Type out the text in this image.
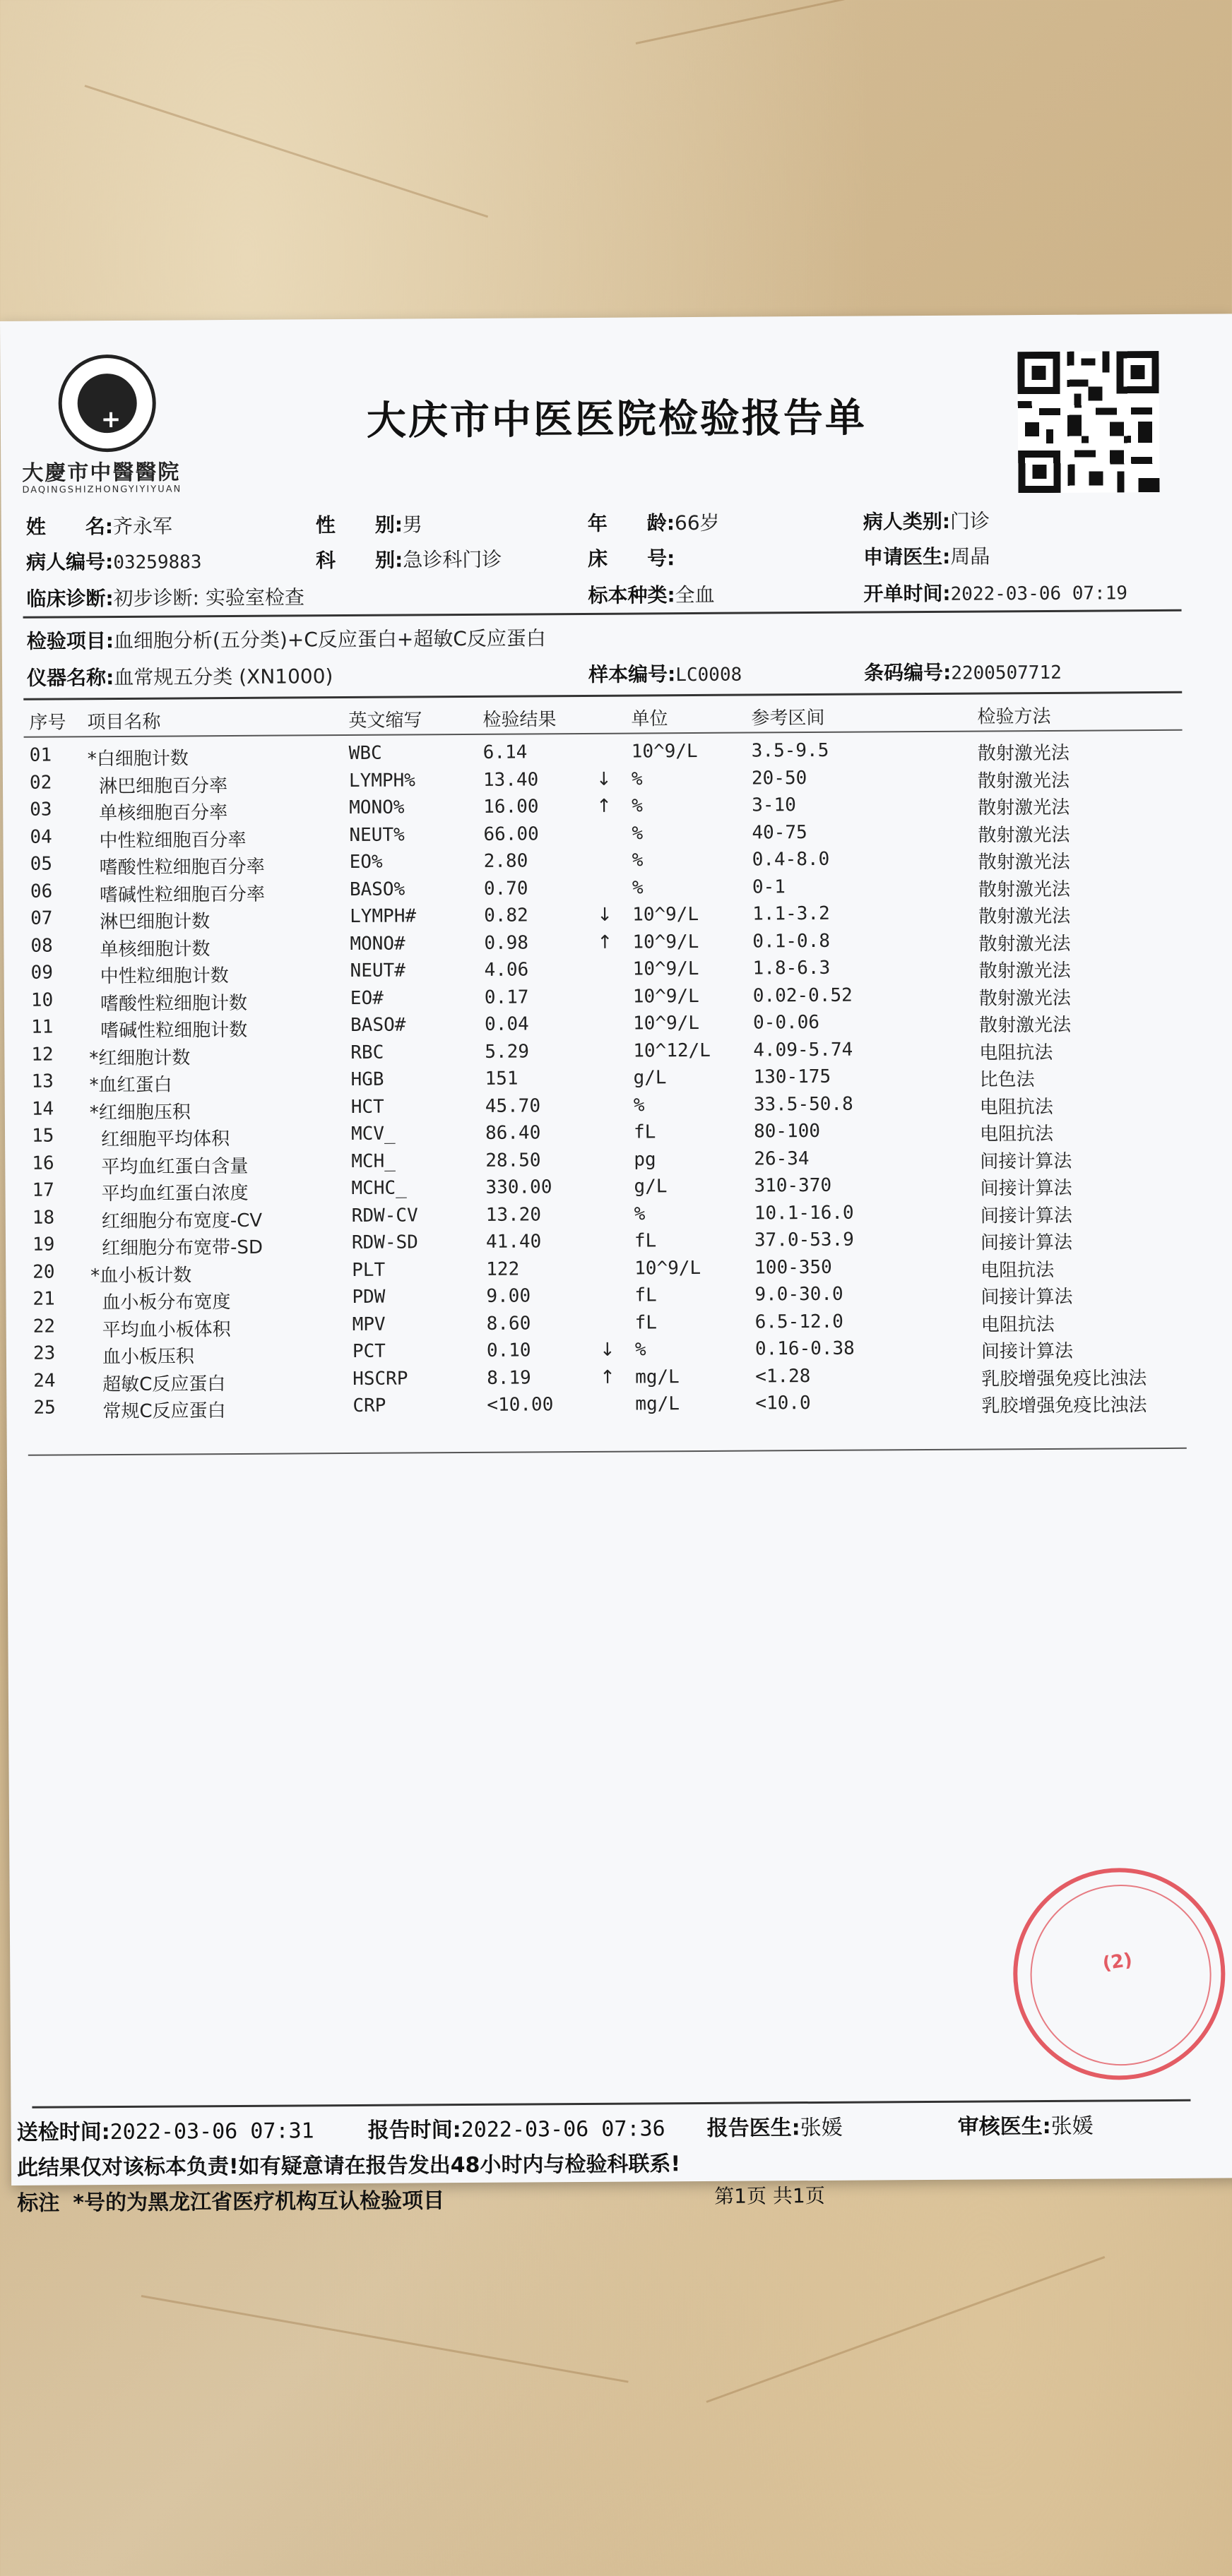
+
大慶市中醫醫院
DAQINGSHIZHONGYIYIYUAN
大庆市中医医院检验报告单
姓　　名:齐永军	性　　别:男	年　　龄:66岁	病人类别:门诊
病人编号:03259883	科　　别:急诊科门诊	床　　号:	申请医生:周晶
临床诊断:初步诊断: 实验室检查	标本种类:全血	开单时间:2022-03-06 07:19
检验项目:血细胞分析(五分类)+C反应蛋白+超敏C反应蛋白
仪器名称:血常规五分类 (XN1000)	样本编号:LC0008	条码编号:2200507712
序号 项目名称	英文缩写	检验结果	单位	参考区间	检验方法
01 *白细胞计数	WBC	6.14	10^9/L	3.5-9.5	散射激光法
02	淋巴细胞百分率	LYMPH%	13.40	↓ %	20-50	散射激光法
03	单核细胞百分率	MONO%	16.00	↑ %	3-10	散射激光法
04	中性粒细胞百分率	NEUT%	66.00	%	40-75	散射激光法
05	嗜酸性粒细胞百分率	EO%	2.80	%	0.4-8.0	散射激光法
06	嗜碱性粒细胞百分率	BASO%	0.70	%	0-1	散射激光法
07	淋巴细胞计数	LYMPH#	0.82	↓ 10^9/L	1.1-3.2	散射激光法
08	单核细胞计数	MONO#	0.98	↑ 10^9/L	0.1-0.8	散射激光法
09	中性粒细胞计数	NEUT#	4.06	10^9/L	1.8-6.3	散射激光法
10	嗜酸性粒细胞计数	EO#	0.17	10^9/L	0.02-0.52	散射激光法
11	嗜碱性粒细胞计数	BASO#	0.04	10^9/L	0-0.06	散射激光法
12 *红细胞计数	RBC	5.29	10^12/L 4.09-5.74	电阻抗法
13 *血红蛋白	HGB	151	g/L	130-175	比色法
14 *红细胞压积	HCT	45.70	%	33.5-50.8	电阻抗法
15	红细胞平均体积	MCV_	86.40	fL	80-100	电阻抗法
16	平均血红蛋白含量	MCH_	28.50	pg	26-34	间接计算法
17	平均血红蛋白浓度	MCHC_	330.00	g/L	310-370	间接计算法
18	红细胞分布宽度-CV	RDW-CV	13.20	%	10.1-16.0	间接计算法
19	红细胞分布宽带-SD	RDW-SD	41.40	fL	37.0-53.9	间接计算法
20 *血小板计数	PLT	122	10^9/L	100-350	电阻抗法
21	血小板分布宽度	PDW	9.00	fL	9.0-30.0	间接计算法
22	平均血小板体积	MPV	8.60	fL	6.5-12.0	电阻抗法
23	血小板压积	PCT	0.10	↓ %	0.16-0.38	间接计算法
24	超敏C反应蛋白	HSCRP	8.19	↑ mg/L	<1.28	乳胶增强免疫比浊法
25	常规C反应蛋白	CRP	<10.00	mg/L	<10.0	乳胶增强免疫比浊法
(2)
送检时间:2022-03-06 07:31	报告时间:2022-03-06 07:36 报告医生:张媛	审核医生:张媛
此结果仅对该标本负责!如有疑意请在报告发出48小时内与检验科联系!
标注 *号的为黑龙江省医疗机构互认检验项目	第1页 共1页
